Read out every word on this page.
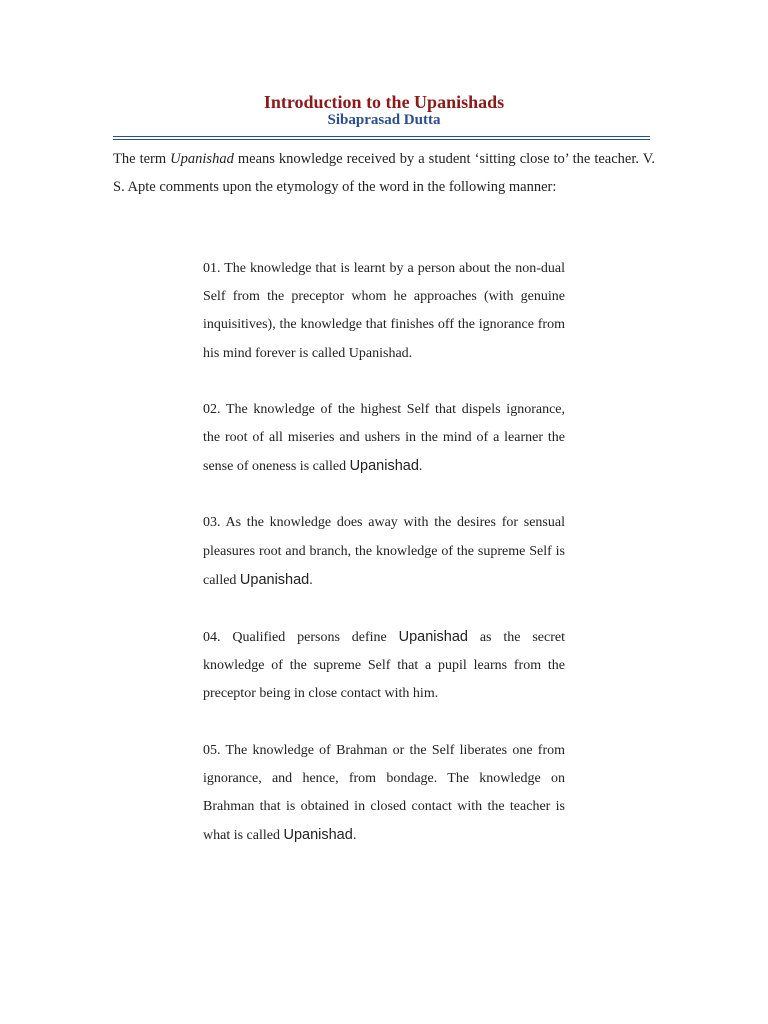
Introduction to the Upanishads
Sibaprasad Dutta

The term Upanishad means knowledge received by a student ‘sitting close to’ the teacher. V. S. Apte comments upon the etymology of the word in the following manner:

01. The knowledge that is learnt by a person about the non-dual Self from the preceptor whom he approaches (with genuine inquisitives), the knowledge that finishes off the ignorance from his mind forever is called Upanishad.

02. The knowledge of the highest Self that dispels ignorance, the root of all miseries and ushers in the mind of a learner the sense of oneness is called Upanishad.

03. As the knowledge does away with the desires for sensual pleasures root and branch, the knowledge of the supreme Self is called Upanishad.

04. Qualified persons define Upanishad as the secret knowledge of the supreme Self that a pupil learns from the preceptor being in close contact with him.

05. The knowledge of Brahman or the Self liberates one from ignorance, and hence, from bondage. The knowledge on Brahman that is obtained in closed contact with the teacher is what is called Upanishad.
